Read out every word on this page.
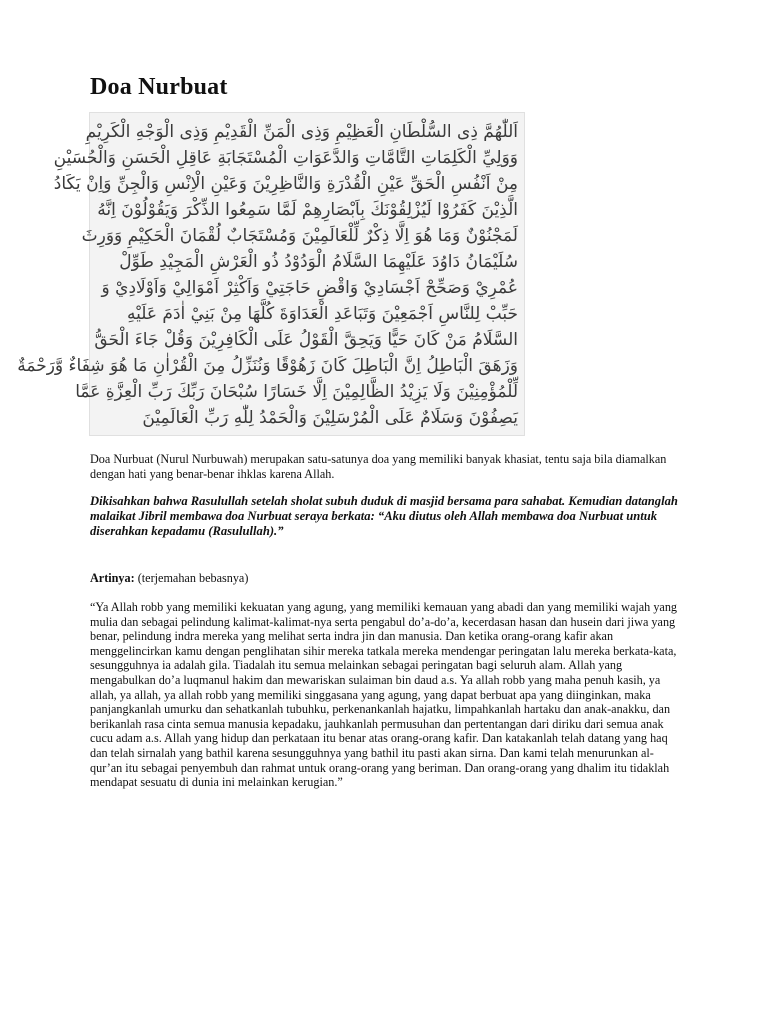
Doa Nurbuat
اَللّٰهُمَّ ذِى السُّلْطَانِ الْعَظِيْمِ وَذِى الْمَنِّ الْقَدِيْمِ وَذِى الْوَجْهِ الْكَرِيْمِ
وَوَلِيِّ الْكَلِمَاتِ التَّامَّاتِ وَالدَّعَوَاتِ الْمُسْتَجَابَةِ عَاقِلِ الْحَسَنِ وَالْحُسَيْنِ
مِنْ اَنْفُسِ الْحَقِّ عَيْنِ الْقُدْرَةِ وَالنَّاظِرِيْنَ وَعَيْنِ الْاِنْسِ وَالْجِنِّ وَاِنْ يَكَادُ
الَّذِيْنَ كَفَرُوْا لَيُزْلِقُوْنَكَ بِاَبْصَارِهِمْ لَمَّا سَمِعُوا الذِّكْرَ وَيَقُوْلُوْنَ اِنَّهُ
لَمَجْنُوْنٌ وَمَا هُوَ اِلَّا ذِكْرٌ لِّلْعَالَمِيْنَ وَمُسْتَجَابٌ لُقْمَانَ الْحَكِيْمِ وَوَرِثَ
سُلَيْمَانُ دَاوُدَ عَلَيْهِمَا السَّلَامُ الْوَدُوْدُ ذُو الْعَرْشِ الْمَجِيْدِ طَوِّلْ
عُمْرِيْ وَصَحِّحْ اَجْسَادِيْ وَاقْضِ حَاجَتِيْ وَاَكْثِرْ اَمْوَالِيْ وَاَوْلَادِيْ وَ
حَبِّبْ لِلنَّاسِ اَجْمَعِيْنَ وَتَبَاعَدِ الْعَدَاوَةَ كُلَّهَا مِنْ بَنِيْ اٰدَمَ عَلَيْهِ
السَّلَامُ مَنْ كَانَ حَيًّا وَيَحِقَّ الْقَوْلُ عَلَى الْكَافِرِيْنَ وَقُلْ جَاءَ الْحَقُّ
وَزَهَقَ الْبَاطِلُ اِنَّ الْبَاطِلَ كَانَ زَهُوْقًا وَنُنَزِّلُ مِنَ الْقُرْاٰنِ مَا هُوَ شِفَاءٌ وَّرَحْمَةٌ
لِّلْمُؤْمِنِيْنَ وَلَا يَزِيْدُ الظَّالِمِيْنَ اِلَّا خَسَارًا سُبْحَانَ رَبِّكَ رَبِّ الْعِزَّةِ عَمَّا
يَصِفُوْنَ وَسَلَامٌ عَلَى الْمُرْسَلِيْنَ وَالْحَمْدُ لِلّٰهِ رَبِّ الْعَالَمِيْنَ

Doa Nurbuat (Nurul Nurbuwah) merupakan satu-satunya doa yang memiliki banyak khasiat, tentu saja bila diamalkan dengan hati yang benar-benar ihklas karena Allah.

Dikisahkan bahwa Rasulullah setelah sholat subuh duduk di masjid bersama para sahabat. Kemudian datanglah malaikat Jibril membawa doa Nurbuat seraya berkata: “Aku diutus oleh Allah membawa doa Nurbuat untuk diserahkan kepadamu (Rasulullah).”

Artinya: (terjemahan bebasnya)

“Ya Allah robb yang memiliki kekuatan yang agung, yang memiliki kemauan yang abadi dan yang memiliki wajah yang mulia dan sebagai pelindung kalimat-kalimat-nya serta pengabul do’a-do’a, kecerdasan hasan dan husein dari jiwa yang benar, pelindung indra mereka yang melihat serta indra jin dan manusia. Dan ketika orang-orang kafir akan menggelincirkan kamu dengan penglihatan sihir mereka tatkala mereka mendengar peringatan lalu mereka berkata-kata, sesungguhnya ia adalah gila. Tiadalah itu semua melainkan sebagai peringatan bagi seluruh alam. Allah yang mengabulkan do’a luqmanul hakim dan mewariskan sulaiman bin daud a.s. Ya allah robb yang maha penuh kasih, ya allah, ya allah, ya allah robb yang memiliki singgasana yang agung, yang dapat berbuat apa yang diinginkan, maka panjangkanlah umurku dan sehatkanlah tubuhku, perkenankanlah hajatku, limpahkanlah hartaku dan anak-anakku, dan berikanlah rasa cinta semua manusia kepadaku, jauhkanlah permusuhan dan pertentangan dari diriku dari semua anak cucu adam a.s. Allah yang hidup dan perkataan itu benar atas orang-orang kafir. Dan katakanlah telah datang yang haq dan telah sirnalah yang bathil karena sesungguhnya yang bathil itu pasti akan sirna. Dan kami telah menurunkan al-qur’an itu sebagai penyembuh dan rahmat untuk orang-orang yang beriman. Dan orang-orang yang dhalim itu tidaklah mendapat sesuatu di dunia ini melainkan kerugian.”
